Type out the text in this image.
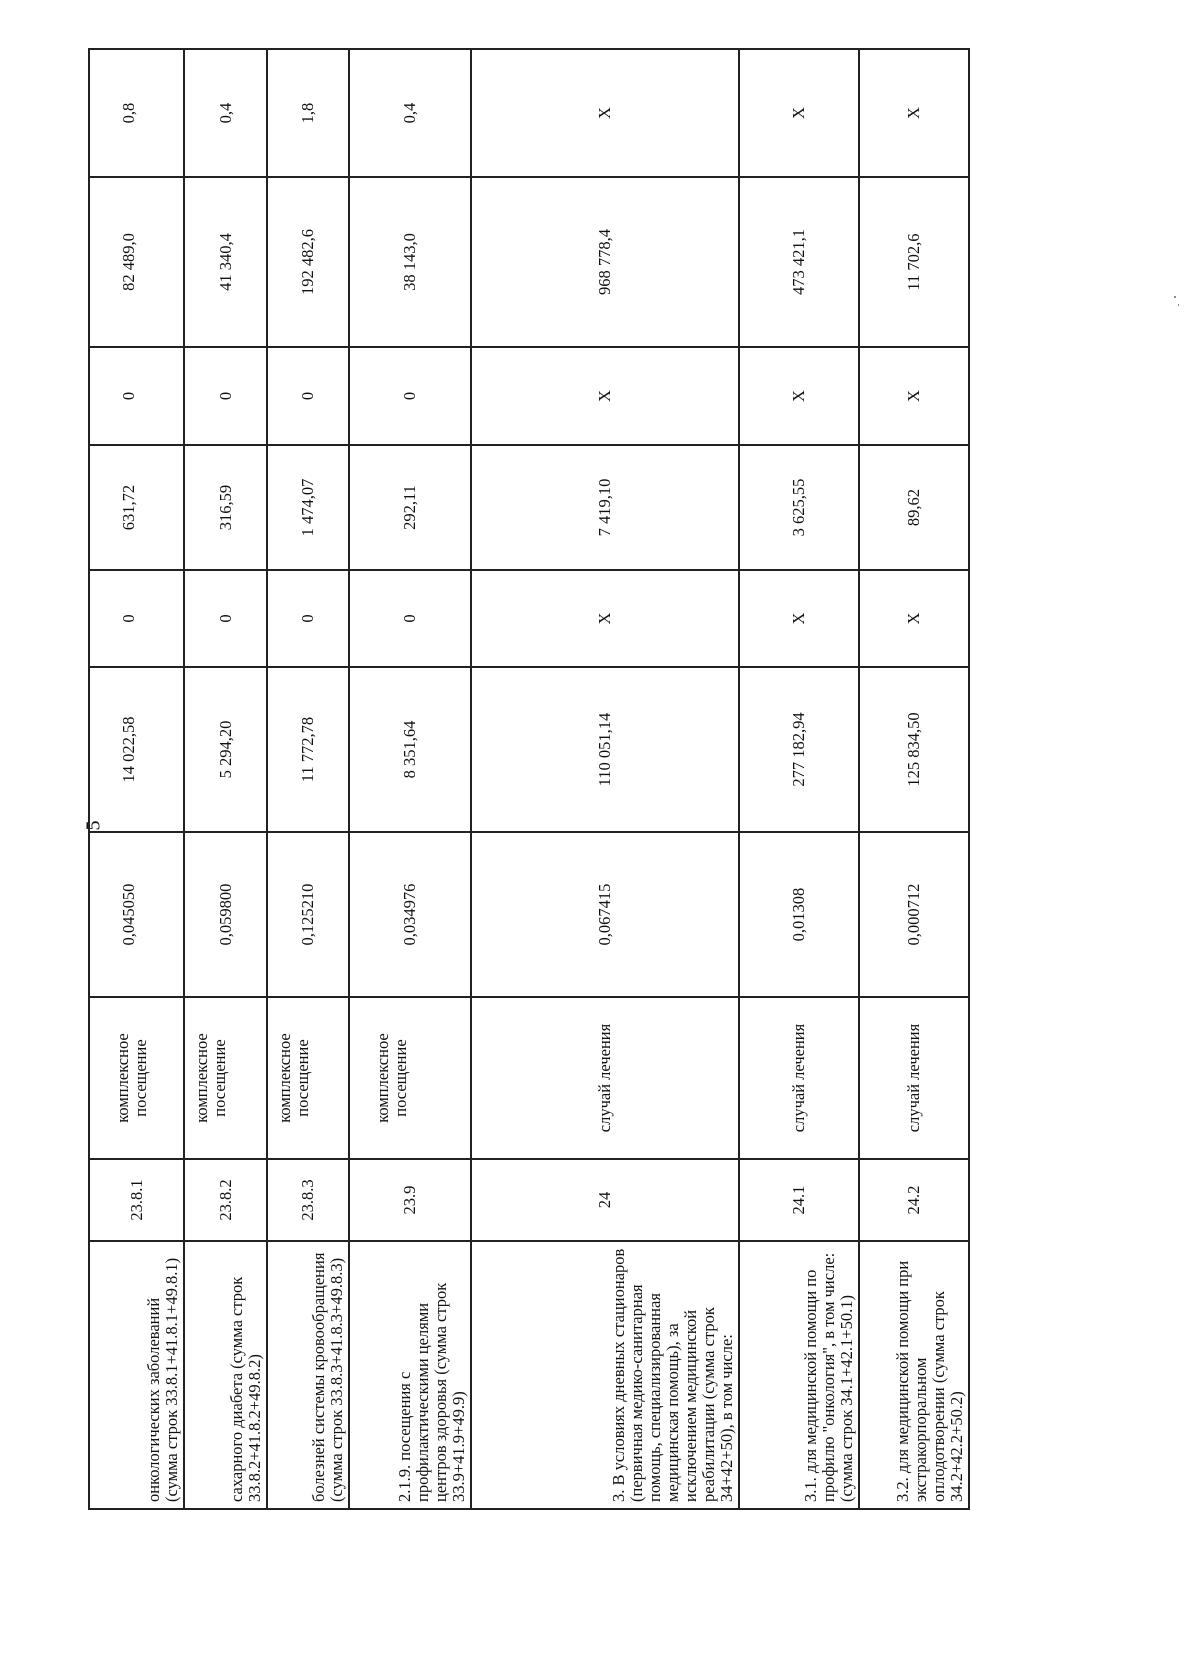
5
онкологических заболеваний (сумма строк 33.8.1+41.8.1+49.8.1)	23.8.1	комплексное посещение	0,045050	14 022,58	0	631,72	0	82 489,0	0,8
сахарного диабета (сумма строк 33.8.2+41.8.2+49.8.2)	23.8.2	комплексное посещение	0,059800	5 294,20	0	316,59	0	41 340,4	0,4
болезней системы кровообращения (сумма строк 33.8.3+41.8.3+49.8.3)	23.8.3	комплексное посещение	0,125210	11 772,78	0	1 474,07	0	192 482,6	1,8
2.1.9. посещения с профилактическими целями центров здоровья (сумма строк 33.9+41.9+49.9)	23.9	комплексное посещение	0,034976	8 351,64	0	292,11	0	38 143,0	0,4
3. В условиях дневных стационаров (первичная медико-санитарная помощь, специализированная медицинская помощь), за исключением медицинской реабилитации (сумма строк 34+42+50), в том числе:	24	случай лечения	0,067415	110 051,14	X	7 419,10	X	968 778,4	X
3.1. для медицинской помощи по профилю "онкология", в том числе: (сумма строк 34.1+42.1+50.1)	24.1	случай лечения	0,01308	277 182,94	X	3 625,55	X	473 421,1	X
3.2. для медицинской помощи при экстракорпоральном оплодотворении (сумма строк 34.2+42.2+50.2)	24.2	случай лечения	0,000712	125 834,50	X	89,62	X	11 702,6	X
